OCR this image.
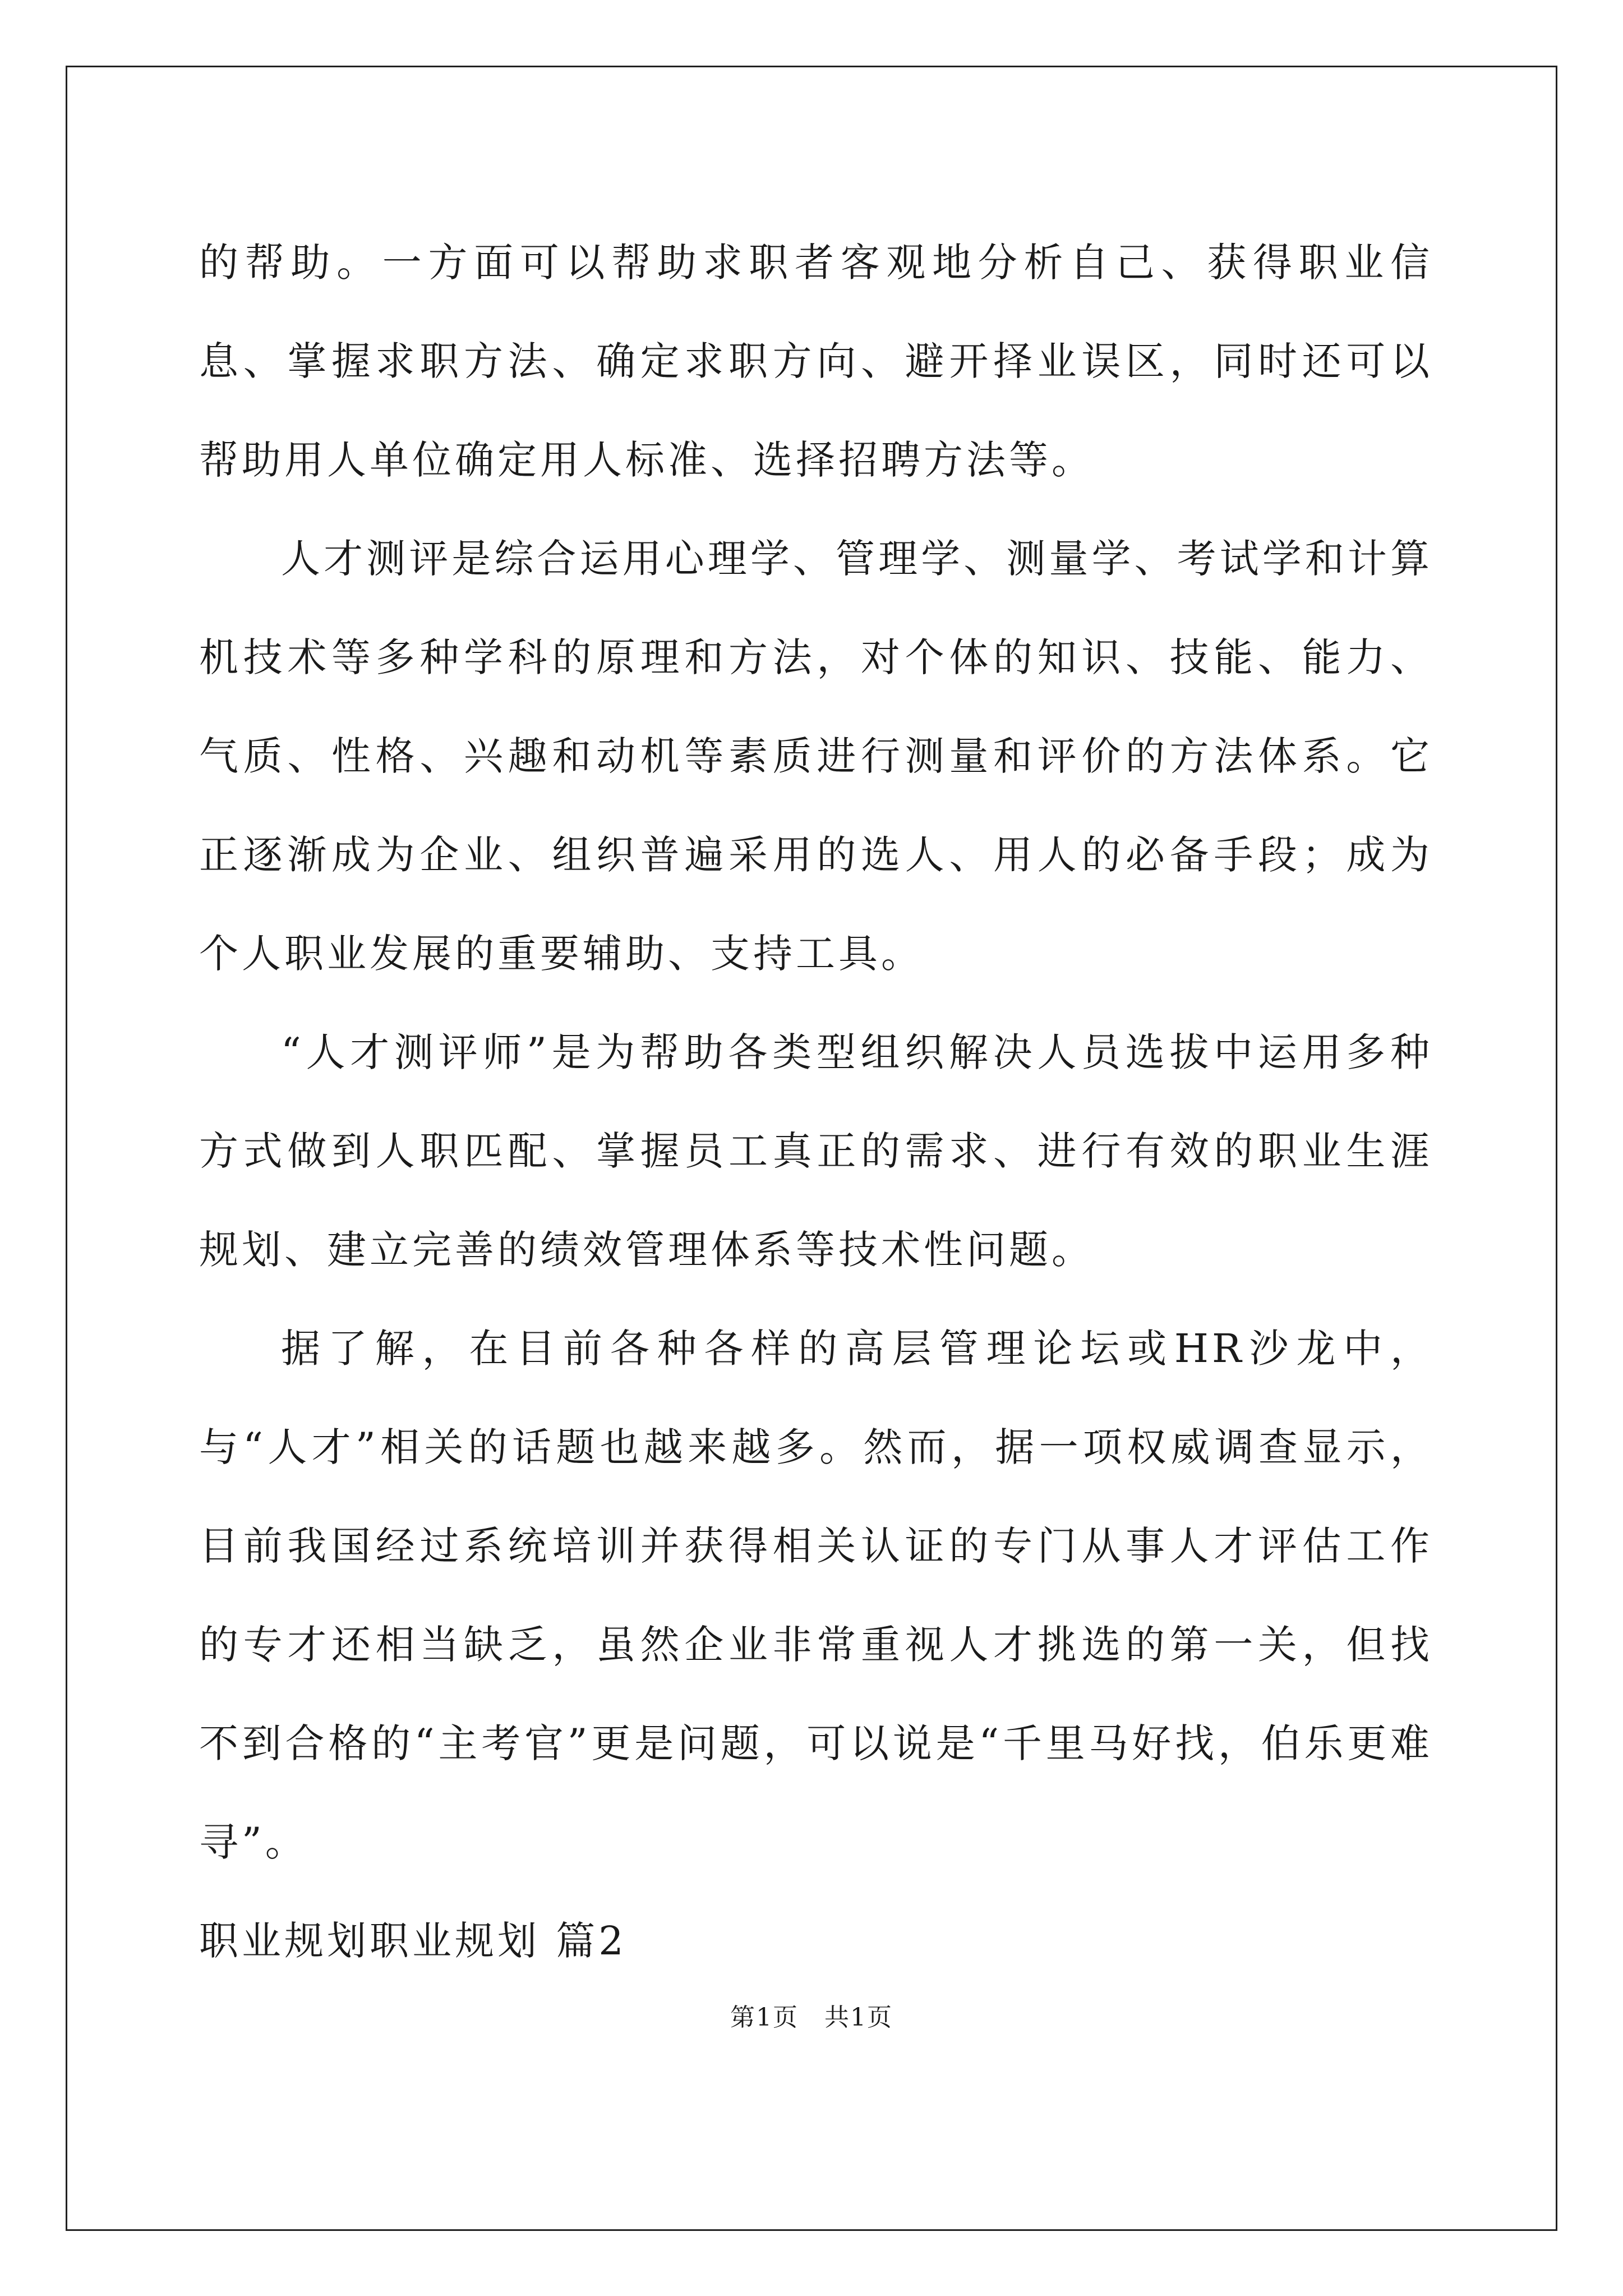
的帮助。一方面可以帮助求职者客观地分析自己、获得职业信息、掌握求职方法、确定求职方向、避开择业误区，同时还可以帮助用人单位确定用人标准、选择招聘方法等。

人才测评是综合运用心理学、管理学、测量学、考试学和计算机技术等多种学科的原理和方法，对个体的知识、技能、能力、气质、性格、兴趣和动机等素质进行测量和评价的方法体系。它正逐渐成为企业、组织普遍采用的选人、用人的必备手段；成为个人职业发展的重要辅助、支持工具。

“人才测评师”是为帮助各类型组织解决人员选拔中运用多种方式做到人职匹配、掌握员工真正的需求、进行有效的职业生涯规划、建立完善的绩效管理体系等技术性问题。

据了解，在目前各种各样的高层管理论坛或HR沙龙中，与“人才”相关的话题也越来越多。然而，据一项权威调查显示，目前我国经过系统培训并获得相关认证的专门从事人才评估工作的专才还相当缺乏，虽然企业非常重视人才挑选的第一关，但找不到合格的“主考官”更是问题，可以说是“千里马好找，伯乐更难寻”。

职业规划职业规划 篇2

第1页　共1页
